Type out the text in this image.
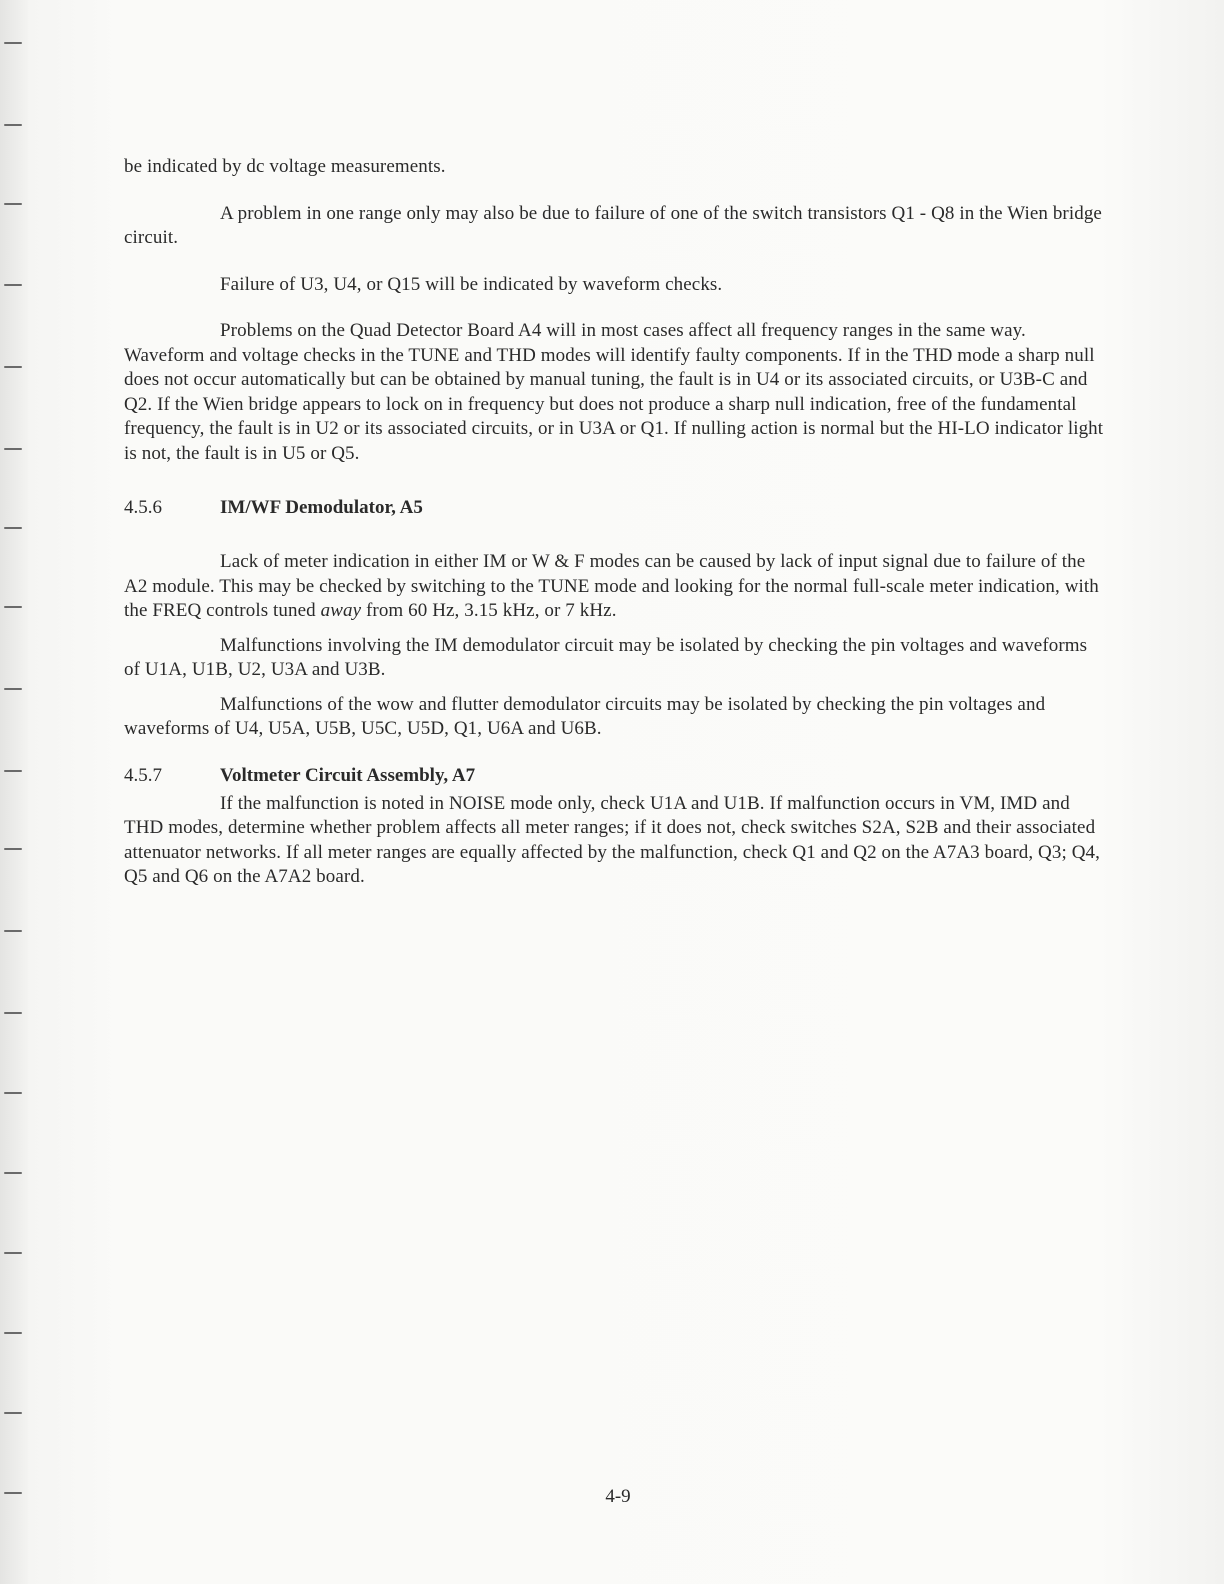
be indicated by dc voltage measurements.

A problem in one range only may also be due to failure of one of the switch transistors Q1 - Q8 in the Wien bridge circuit.

Failure of U3, U4, or Q15 will be indicated by waveform checks.

Problems on the Quad Detector Board A4 will in most cases affect all frequency ranges in the same way. Waveform and voltage checks in the TUNE and THD modes will identify faulty components. If in the THD mode a sharp null does not occur automatically but can be obtained by manual tuning, the fault is in U4 or its associated circuits, or U3B-C and Q2. If the Wien bridge appears to lock on in frequency but does not produce a sharp null indication, free of the fundamental frequency, the fault is in U2 or its associated circuits, or in U3A or Q1. If nulling action is normal but the HI-LO indicator light is not, the fault is in U5 or Q5.

4.5.6	IM/WF Demodulator, A5

Lack of meter indication in either IM or W & F modes can be caused by lack of input signal due to failure of the A2 module. This may be checked by switching to the TUNE mode and looking for the normal full-scale meter indication, with the FREQ controls tuned away from 60 Hz, 3.15 kHz, or 7 kHz.

Malfunctions involving the IM demodulator circuit may be isolated by checking the pin voltages and waveforms of U1A, U1B, U2, U3A and U3B.

Malfunctions of the wow and flutter demodulator circuits may be isolated by checking the pin voltages and waveforms of U4, U5A, U5B, U5C, U5D, Q1, U6A and U6B.

4.5.7	Voltmeter Circuit Assembly, A7

If the malfunction is noted in NOISE mode only, check U1A and U1B. If malfunction occurs in VM, IMD and THD modes, determine whether problem affects all meter ranges; if it does not, check switches S2A, S2B and their associated attenuator networks. If all meter ranges are equally affected by the malfunction, check Q1 and Q2 on the A7A3 board, Q3; Q4, Q5 and Q6 on the A7A2 board.

4-9
